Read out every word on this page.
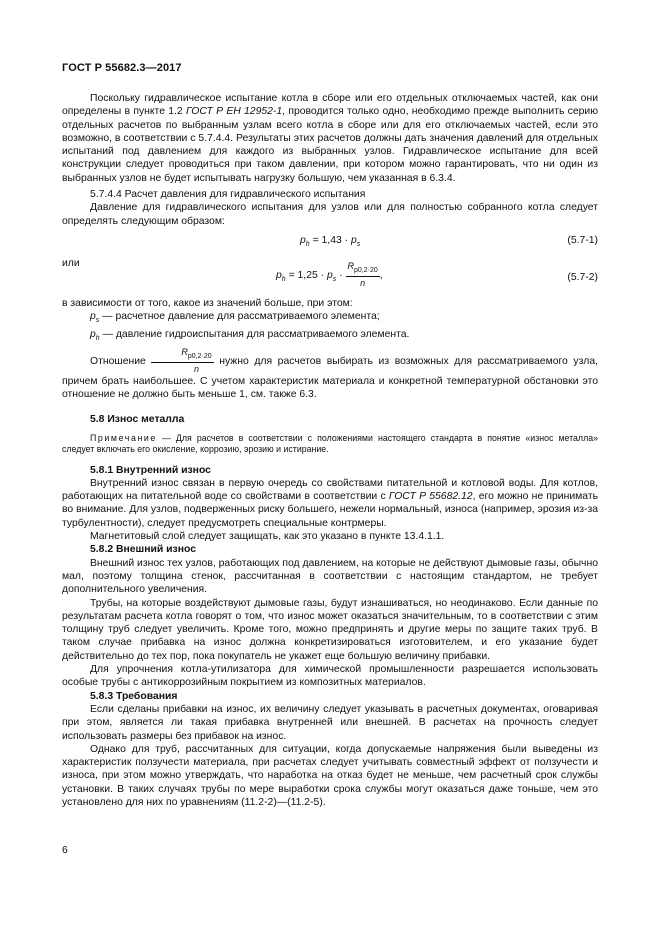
ГОСТ Р 55682.3—2017

Поскольку гидравлическое испытание котла в сборе или его отдельных отключаемых частей, как они определены в пункте 1.2 ГОСТ Р ЕН 12952-1, проводится только одно, необходимо прежде выполнить серию отдельных расчетов по выбранным узлам всего котла в сборе или для его отключаемых частей, если это возможно, в соответствии с 5.7.4.4. Результаты этих расчетов должны дать значения давлений для отдельных испытаний под давлением для каждого из выбранных узлов. Гидравлическое испытание для всей конструкции следует проводиться при таком давлении, при котором можно гарантировать, что ни один из выбранных узлов не будет испытывать нагрузку большую, чем указанная в 6.3.4.

5.7.4.4 Расчет давления для гидравлического испытания

Давление для гидравлического испытания для узлов или для полностью собранного котла следует определять следующим образом:

$p_h = 1,43 \cdot p_s$	(5.7-1)
или
$p_h = 1,25 \cdot p_s \cdot \frac{R_{p0,2\cdot 20}}{n}$ ,	(5.7-2)

в зависимости от того, какое из значений больше, при этом:

$p_s$ — расчетное давление для рассматриваемого элемента;

$p_h$ — давление гидроиспытания для рассматриваемого элемента.

Отношение $\frac{R_{p0,2\cdot 20}}{n}$ нужно для расчетов выбирать из возможных для рассматриваемого узла, причем брать наибольшее. С учетом характеристик материала и конкретной температурной обстановки это отношение не должно быть меньше 1, см. также 6.3.

5.8 Износ металла

Примечание — Для расчетов в соответствии с положениями настоящего стандарта в понятие «износ металла» следует включать его окисление, коррозию, эрозию и истирание.

5.8.1 Внутренний износ

Внутренний износ связан в первую очередь со свойствами питательной и котловой воды. Для котлов, работающих на питательной воде со свойствами в соответствии с ГОСТ Р 55682.12, его можно не принимать во внимание. Для узлов, подверженных риску большего, нежели нормальный, износа (например, эрозия из-за турбулентности), следует предусмотреть специальные контрмеры.

Магнетитовый слой следует защищать, как это указано в пункте 13.4.1.1.

5.8.2 Внешний износ

Внешний износ тех узлов, работающих под давлением, на которые не действуют дымовые газы, обычно мал, поэтому толщина стенок, рассчитанная в соответствии с настоящим стандартом, не требует дополнительного увеличения.

Трубы, на которые воздействуют дымовые газы, будут изнашиваться, но неодинаково. Если данные по результатам расчета котла говорят о том, что износ может оказаться значительным, то в соответствии с этим толщину труб следует увеличить. Кроме того, можно предпринять и другие меры по защите таких труб. В таком случае прибавка на износ должна конкретизироваться изготовителем, и его указание будет действительно до тех пор, пока покупатель не укажет еще большую величину прибавки.

Для упрочнения котла-утилизатора для химической промышленности разрешается использовать особые трубы с антикоррозийным покрытием из композитных материалов.

5.8.3 Требования

Если сделаны прибавки на износ, их величину следует указывать в расчетных документах, оговаривая при этом, является ли такая прибавка внутренней или внешней. В расчетах на прочность следует использовать размеры без прибавок на износ.

Однако для труб, рассчитанных для ситуации, когда допускаемые напряжения были выведены из характеристик ползучести материала, при расчетах следует учитывать совместный эффект от ползучести и износа, при этом можно утверждать, что наработка на отказ будет не меньше, чем расчетный срок службы установки. В таких случаях трубы по мере выработки срока службы могут оказаться даже тоньше, чем это установлено для них по уравнениям (11.2-2)—(11.2-5).

6
